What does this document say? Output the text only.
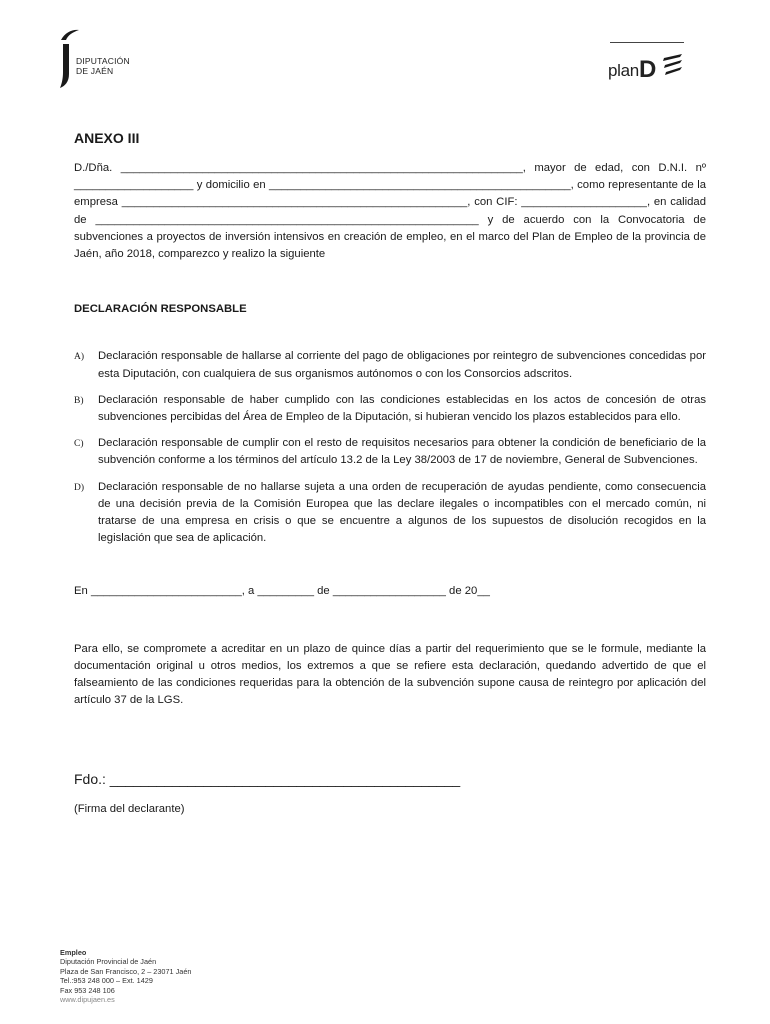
DIPUTACIÓN
DE JAÉN	planD
ANEXO III

D./Dña. ________________________________________________________________, mayor de edad, con D.N.I. nº ___________________ y domicilio en ________________________________________________, como representante de la empresa _______________________________________________________, con CIF: ____________________, en calidad de _____________________________________________________________ y de acuerdo con la Convocatoria de subvenciones a proyectos de inversión intensivos en creación de empleo, en el marco del Plan de Empleo de la provincia de Jaén, año 2018, comparezco y realizo la siguiente

DECLARACIÓN RESPONSABLE
A)	Declaración responsable de hallarse al corriente del pago de obligaciones por reintegro de subvenciones concedidas por esta Diputación, con cualquiera de sus organismos autónomos o con los Consorcios adscritos.
B)	Declaración responsable de haber cumplido con las condiciones establecidas en los actos de concesión de otras subvenciones percibidas del Área de Empleo de la Diputación, si hubieran vencido los plazos establecidos para ello.
C)	Declaración responsable de cumplir con el resto de requisitos necesarios para obtener la condición de beneficiario de la subvención conforme a los términos del artículo 13.2 de la Ley 38/2003 de 17 de noviembre, General de Subvenciones.
D)	Declaración responsable de no hallarse sujeta a una orden de recuperación de ayudas pendiente, como consecuencia de una decisión previa de la Comisión Europea que las declare ilegales o incompatibles con el mercado común, ni tratarse de una empresa en crisis o que se encuentre a algunos de los supuestos de disolución recogidos en la legislación que sea de aplicación.
En ________________________, a _________ de __________________ de 20__

Para ello, se compromete a acreditar en un plazo de quince días a partir del requerimiento que se le formule, mediante la documentación original u otros medios, los extremos a que se refiere esta declaración, quedando advertido de que el falseamiento de las condiciones requeridas para la obtención de la subvención supone causa de reintegro por aplicación del artículo 37 de la LGS.

Fdo.: _____________________________________________
(Firma del declarante)
Empleo
Diputación Provincial de Jaén
Plaza de San Francisco, 2 – 23071 Jaén
Tel.:953 248 000 – Ext. 1429
Fax 953 248 106
www.dipujaen.es
